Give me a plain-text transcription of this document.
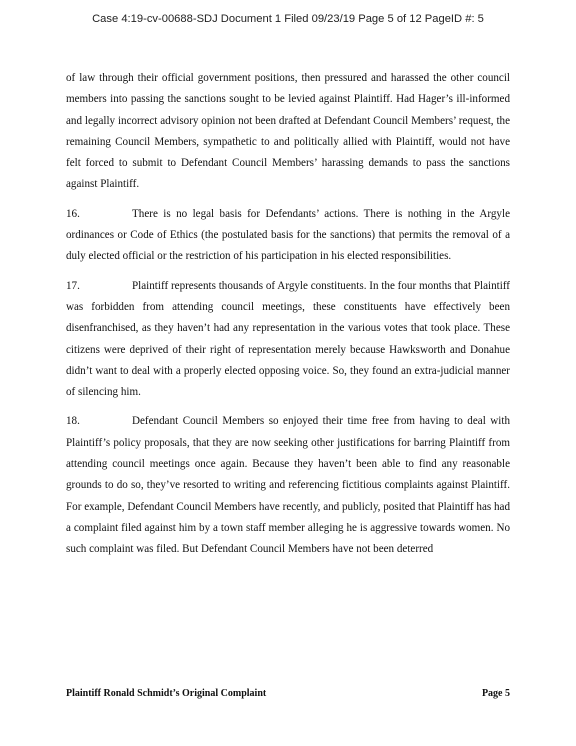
Case 4:19-cv-00688-SDJ Document 1 Filed 09/23/19 Page 5 of 12 PageID #: 5

of law through their official government positions, then pressured and harassed the other council members into passing the sanctions sought to be levied against Plaintiff. Had Hager’s ill-informed and legally incorrect advisory opinion not been drafted at Defendant Council Members’ request, the remaining Council Members, sympathetic to and politically allied with Plaintiff, would not have felt forced to submit to Defendant Council Members’ harassing demands to pass the sanctions against Plaintiff.

16.	There is no legal basis for Defendants’ actions. There is nothing in the Argyle ordinances or Code of Ethics (the postulated basis for the sanctions) that permits the removal of a duly elected official or the restriction of his participation in his elected responsibilities.

17.	Plaintiff represents thousands of Argyle constituents. In the four months that Plaintiff was forbidden from attending council meetings, these constituents have effectively been disenfranchised, as they haven’t had any representation in the various votes that took place. These citizens were deprived of their right of representation merely because Hawksworth and Donahue didn’t want to deal with a properly elected opposing voice. So, they found an extra-judicial manner of silencing him.

18.	Defendant Council Members so enjoyed their time free from having to deal with Plaintiff’s policy proposals, that they are now seeking other justifications for barring Plaintiff from attending council meetings once again. Because they haven’t been able to find any reasonable grounds to do so, they’ve resorted to writing and referencing fictitious complaints against Plaintiff. For example, Defendant Council Members have recently, and publicly, posited that Plaintiff has had a complaint filed against him by a town staff member alleging he is aggressive towards women. No such complaint was filed. But Defendant Council Members have not been deterred

Plaintiff Ronald Schmidt’s Original Complaint	Page 5
